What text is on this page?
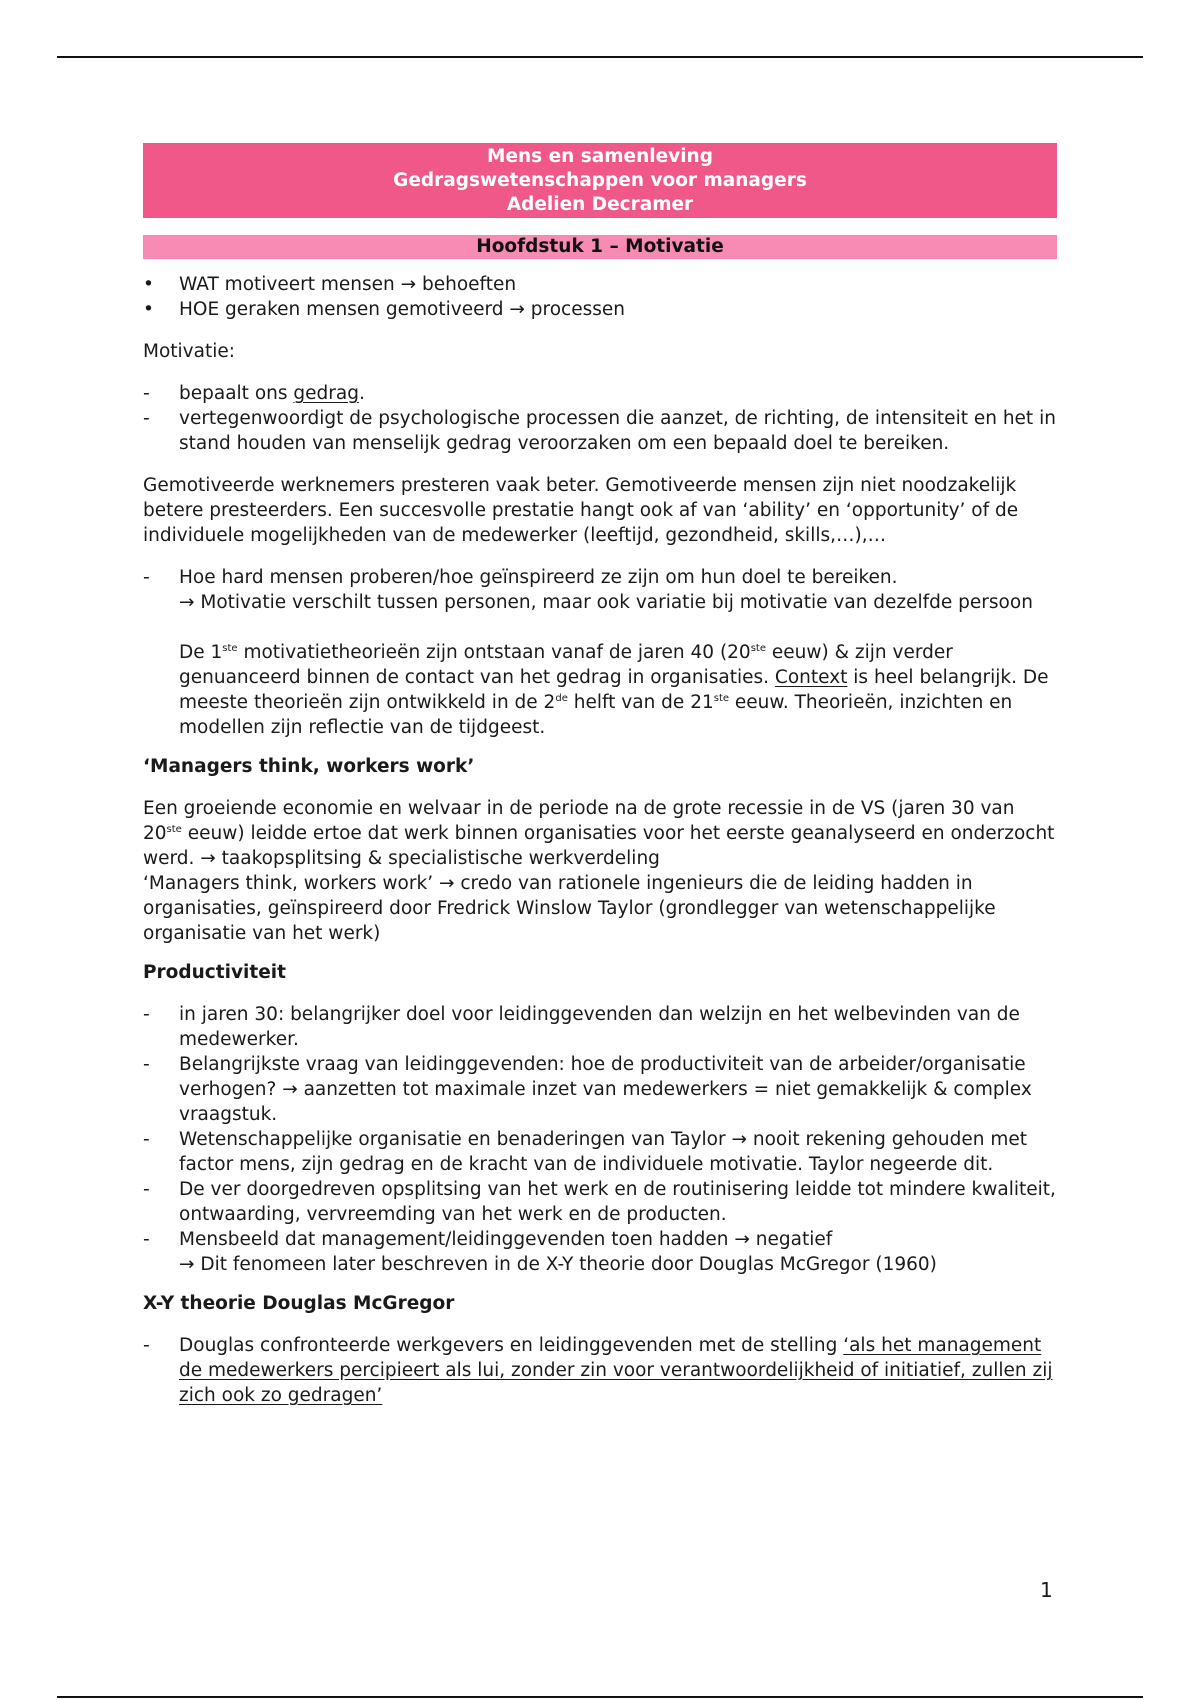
Mens en samenleving
Gedragswetenschappen voor managers
Adelien Decramer
Hoofdstuk 1 – Motivatie
• WAT motiveert mensen → behoeften
• HOE geraken mensen gemotiveerd → processen

Motivatie:

- bepaalt ons gedrag.
- vertegenwoordigt de psychologische processen die aanzet, de richting, de intensiteit en het in stand houden van menselijk gedrag veroorzaken om een bepaald doel te bereiken.

Gemotiveerde werknemers presteren vaak beter. Gemotiveerde mensen zijn niet noodzakelijk betere presteerders. Een succesvolle prestatie hangt ook af van ‘ability’ en ‘opportunity’ of de individuele mogelijkheden van de medewerker (leeftijd, gezondheid, skills,…),…

- Hoe hard mensen proberen/hoe geïnspireerd ze zijn om hun doel te bereiken.
→ Motivatie verschilt tussen personen, maar ook variatie bij motivatie van dezelfde persoon
De 1ste motivatietheorieën zijn ontstaan vanaf de jaren 40 (20ste eeuw) & zijn verder genuanceerd binnen de contact van het gedrag in organisaties. Context is heel belangrijk. De meeste theorieën zijn ontwikkeld in de 2de helft van de 21ste eeuw. Theorieën, inzichten en modellen zijn reflectie van de tijdgeest.

‘Managers think, workers work’

Een groeiende economie en welvaar in de periode na de grote recessie in de VS (jaren 30 van 20ste eeuw) leidde ertoe dat werk binnen organisaties voor het eerste geanalyseerd en onderzocht werd. → taakopsplitsing & specialistische werkverdeling

‘Managers think, workers work’ → credo van rationele ingenieurs die de leiding hadden in organisaties, geïnspireerd door Fredrick Winslow Taylor (grondlegger van wetenschappelijke organisatie van het werk)

Productiviteit

- in jaren 30: belangrijker doel voor leidinggevenden dan welzijn en het welbevinden van de medewerker.
- Belangrijkste vraag van leidinggevenden: hoe de productiviteit van de arbeider/organisatie verhogen? → aanzetten tot maximale inzet van medewerkers = niet gemakkelijk & complex vraagstuk.
- Wetenschappelijke organisatie en benaderingen van Taylor → nooit rekening gehouden met factor mens, zijn gedrag en de kracht van de individuele motivatie. Taylor negeerde dit.
- De ver doorgedreven opsplitsing van het werk en de routinisering leidde tot mindere kwaliteit, ontwaarding, vervreemding van het werk en de producten.
- Mensbeeld dat management/leidinggevenden toen hadden → negatief
→ Dit fenomeen later beschreven in de X-Y theorie door Douglas McGregor (1960)

X-Y theorie Douglas McGregor

- Douglas confronteerde werkgevers en leidinggevenden met de stelling ‘als het management de medewerkers percipieert als lui, zonder zin voor verantwoordelijkheid of initiatief, zullen zij zich ook zo gedragen’
1
